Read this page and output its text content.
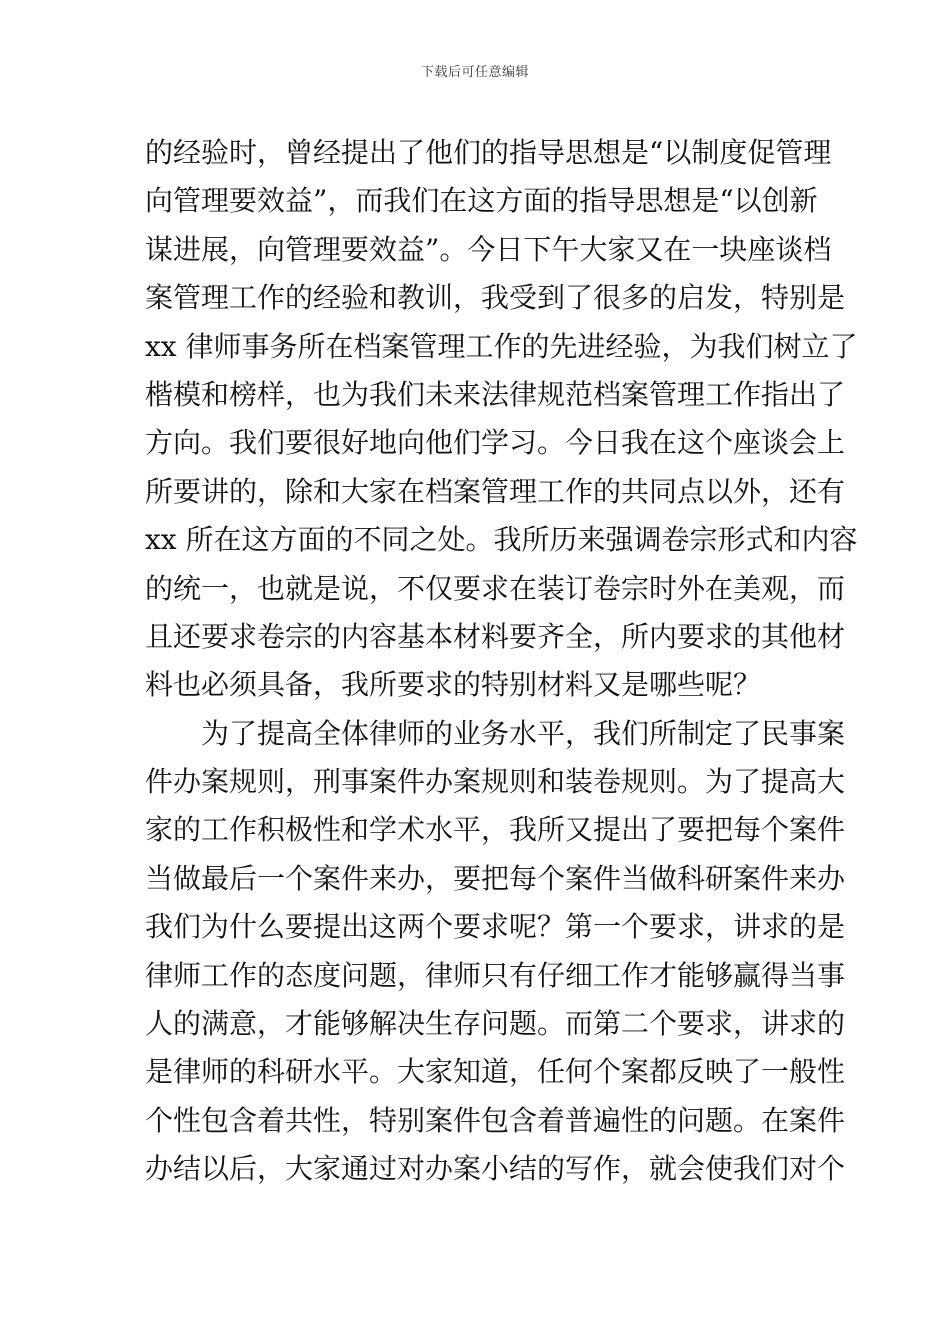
下载后可任意编辑
的经验时，曾经提出了他们的指导思想是“以制度促管理
向管理要效益”，而我们在这方面的指导思想是“以创新
谋进展，向管理要效益”。今日下午大家又在一块座谈档
案管理工作的经验和教训，我受到了很多的启发，特别是
xx 律师事务所在档案管理工作的先进经验，为我们树立了
楷模和榜样，也为我们未来法律规范档案管理工作指出了
方向。我们要很好地向他们学习。今日我在这个座谈会上
所要讲的，除和大家在档案管理工作的共同点以外，还有
xx 所在这方面的不同之处。我所历来强调卷宗形式和内容
的统一，也就是说，不仅要求在装订卷宗时外在美观，而
且还要求卷宗的内容基本材料要齐全，所内要求的其他材
料也必须具备，我所要求的特别材料又是哪些呢？
为了提高全体律师的业务水平，我们所制定了民事案
件办案规则，刑事案件办案规则和装卷规则。为了提高大
家的工作积极性和学术水平，我所又提出了要把每个案件
当做最后一个案件来办，要把每个案件当做科研案件来办
我们为什么要提出这两个要求呢？第一个要求，讲求的是
律师工作的态度问题，律师只有仔细工作才能够赢得当事
人的满意，才能够解决生存问题。而第二个要求，讲求的
是律师的科研水平。大家知道，任何个案都反映了一般性
个性包含着共性，特别案件包含着普遍性的问题。在案件
办结以后，大家通过对办案小结的写作，就会使我们对个
